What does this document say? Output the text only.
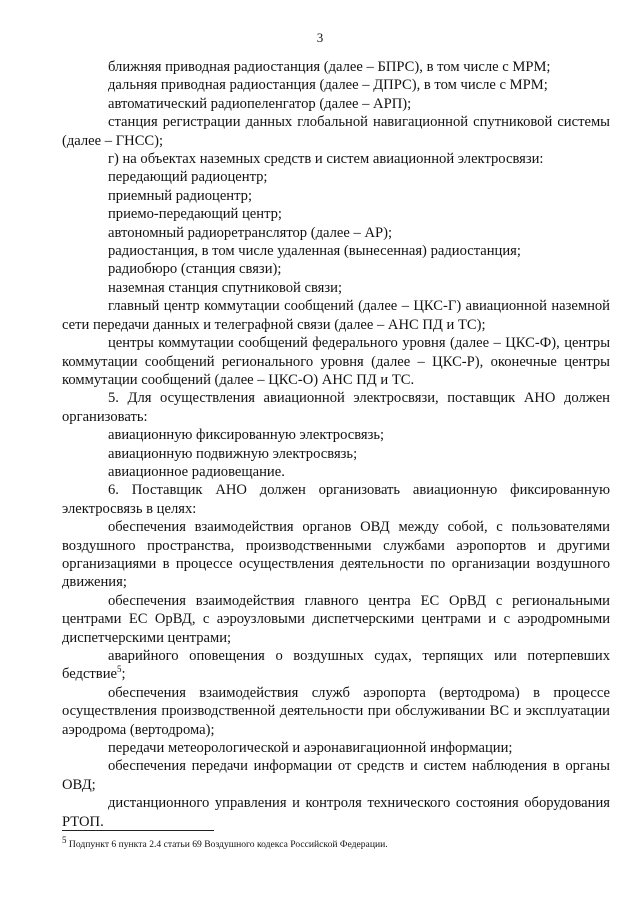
3

ближняя приводная радиостанция (далее – БПРС), в том числе с МРМ;

дальняя приводная радиостанция (далее – ДПРС), в том числе с МРМ;

автоматический радиопеленгатор (далее – АРП);

станция регистрации данных глобальной навигационной спутниковой системы (далее – ГНСС);

г) на объектах наземных средств и систем авиационной электросвязи:

передающий радиоцентр;

приемный радиоцентр;

приемо-передающий центр;

автономный радиоретранслятор (далее – АР);

радиостанция, в том числе удаленная (вынесенная) радиостанция;

радиобюро (станция связи);

наземная станция спутниковой связи;

главный центр коммутации сообщений (далее – ЦКС-Г) авиационной наземной сети передачи данных и телеграфной связи (далее – АНС ПД и ТС);

центры коммутации сообщений федерального уровня (далее – ЦКС-Ф), центры коммутации сообщений регионального уровня (далее – ЦКС-Р), оконечные центры коммутации сообщений (далее – ЦКС-О) АНС ПД и ТС.

5. Для осуществления авиационной электросвязи, поставщик АНО должен организовать:

авиационную фиксированную электросвязь;

авиационную подвижную электросвязь;

авиационное радиовещание.

6. Поставщик АНО должен организовать авиационную фиксированную электросвязь в целях:

обеспечения взаимодействия органов ОВД между собой, с пользователями воздушного пространства, производственными службами аэропортов и другими организациями в процессе осуществления деятельности по организации воздушного движения;

обеспечения взаимодействия главного центра ЕС ОрВД с региональными центрами ЕС ОрВД, с аэроузловыми диспетчерскими центрами и с аэродромными диспетчерскими центрами;

аварийного оповещения о воздушных судах, терпящих или потерпевших бедствие$^5$;

обеспечения взаимодействия служб аэропорта (вертодрома) в процессе осуществления производственной деятельности при обслуживании ВС и эксплуатации аэродрома (вертодрома);

передачи метеорологической и аэронавигационной информации;

обеспечения передачи информации от средств и систем наблюдения в органы ОВД;

дистанционного управления и контроля технического состояния оборудования РТОП.

5 Подпункт 6 пункта 2.4 статьи 69 Воздушного кодекса Российской Федерации.
